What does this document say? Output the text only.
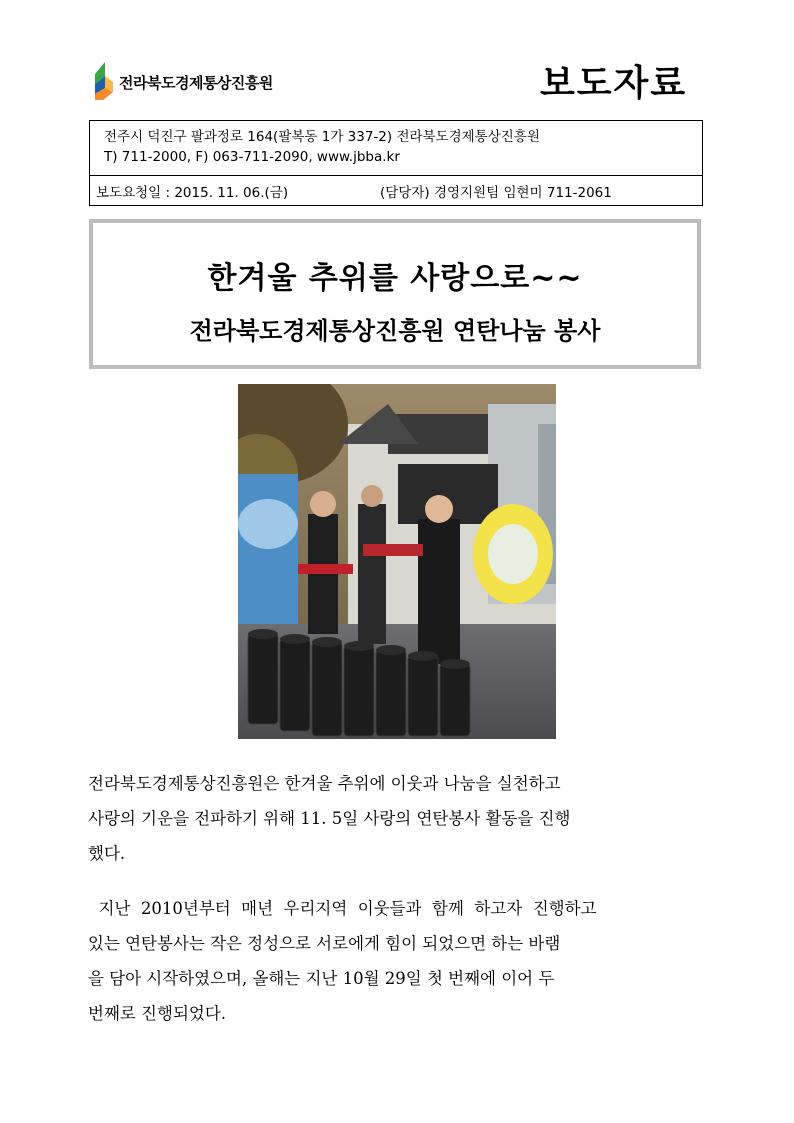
전라북도경제통상진흥원	보도자료
전주시 덕진구 팔과정로 164(팔복동 1가 337-2) 전라북도경제통상진흥원
T) 711-2000, F) 063-711-2090, www.jbba.kr
보도요청일 : 2015. 11. 06.(금)	(담당자) 경영지원팀 임현미 711-2061
한겨울 추위를 사랑으로~~
전라북도경제통상진흥원 연탄나눔 봉사
전라북도경제통상진흥원은 한겨울 추위에 이웃과 나눔을 실천하고
사랑의 기운을 전파하기 위해 11. 5일 사랑의 연탄봉사 활동을 진행
했다.
지난  2010년부터  매년  우리지역  이웃들과  함께  하고자  진행하고
있는 연탄봉사는 작은 정성으로 서로에게 힘이 되었으면 하는 바램
을 담아 시작하였으며, 올해는 지난 10월 29일 첫 번째에 이어 두
번째로 진행되었다.
